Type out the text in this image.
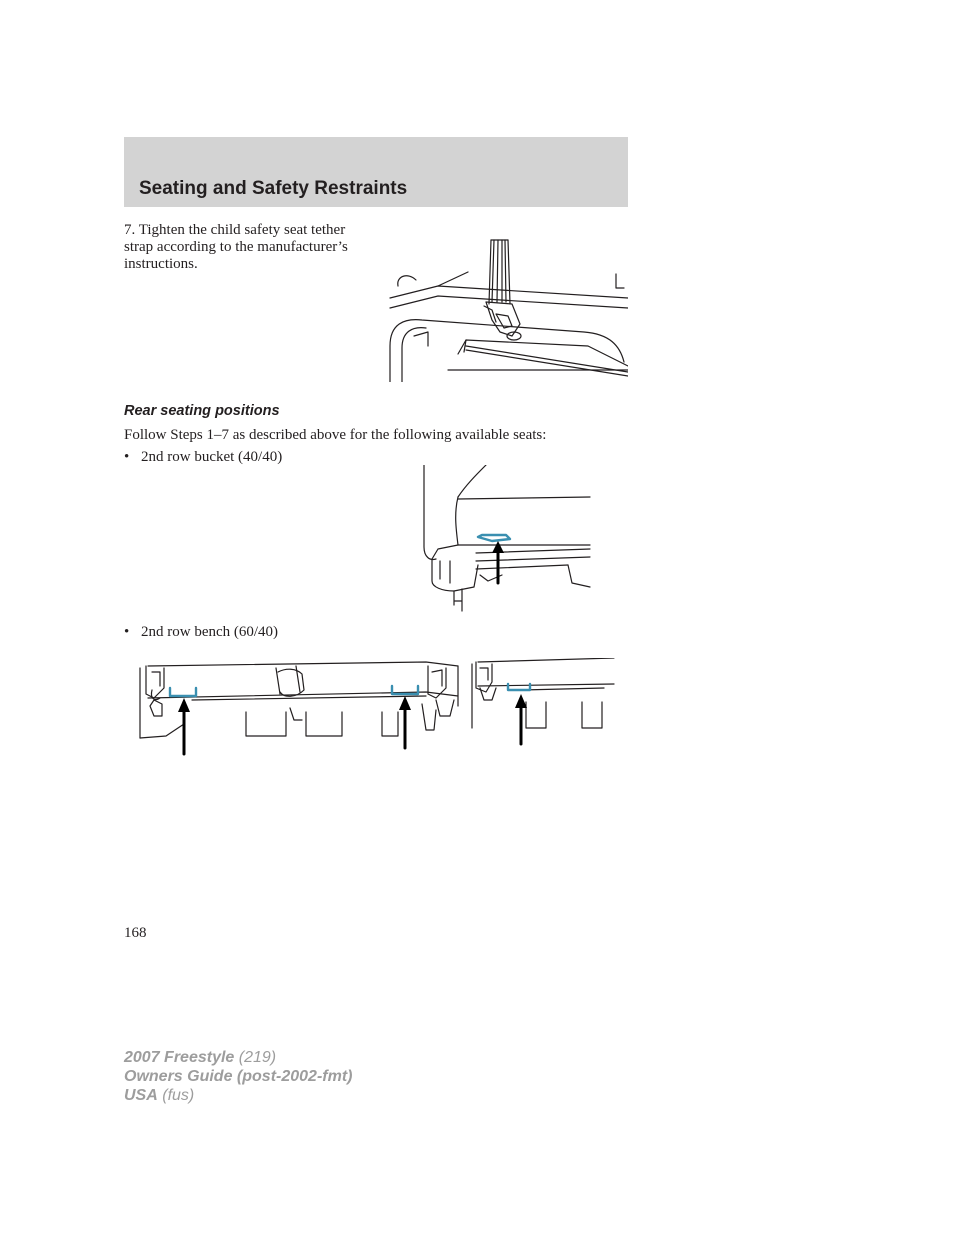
Seating and Safety Restraints

7. Tighten the child safety seat tether strap according to the manufacturer’s instructions.

Rear seating positions

Follow Steps 1–7 as described above for the following available seats:

• 2nd row bucket (40/40)
• 2nd row bench (60/40)

168

2007 Freestyle (219)
Owners Guide (post-2002-fmt)
USA (fus)
